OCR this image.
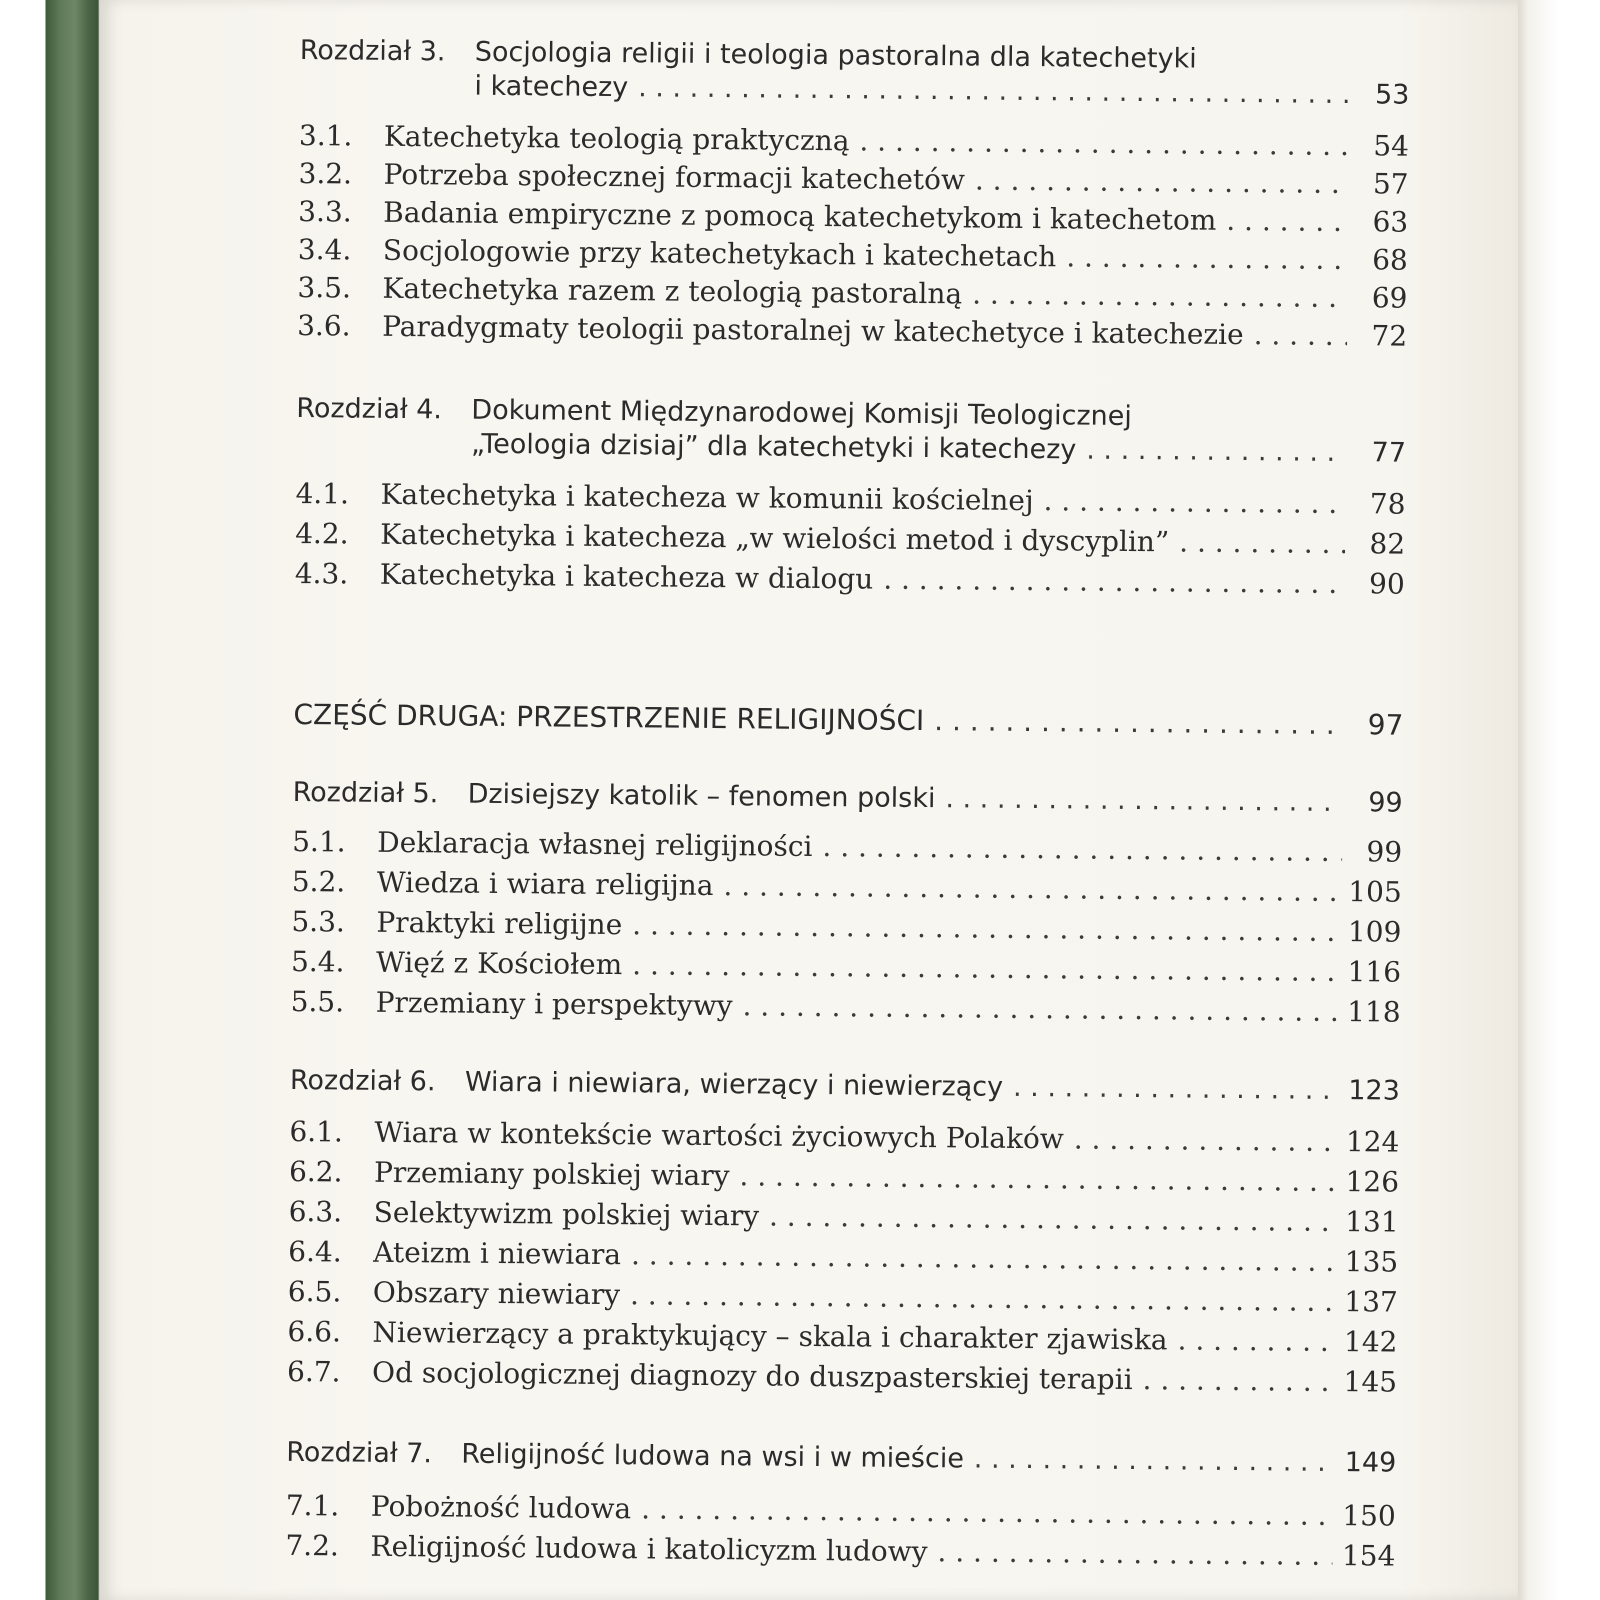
Rozdział 3.	Socjologia religii i teologia pastoralna dla katechetyki
i katechezy . . .	53
3.1.	Katechetyka teologią praktyczną . . .	54
3.2.	Potrzeba społecznej formacji katechetów . . .	57
3.3.	Badania empiryczne z pomocą katechetykom i katechetom . . .	63
3.4.	Socjologowie przy katechetykach i katechetach . . .	68
3.5.	Katechetyka razem z teologią pastoralną . . .	69
3.6.	Paradygmaty teologii pastoralnej w katechetyce i katechezie . . .	72
Rozdział 4.	Dokument Międzynarodowej Komisji Teologicznej
„Teologia dzisiaj” dla katechetyki i katechezy . . .	77
4.1.	Katechetyka i katecheza w komunii kościelnej . . .	78
4.2.	Katechetyka i katecheza „w wielości metod i dyscyplin” . . .	82
4.3.	Katechetyka i katecheza w dialogu . . .	90
CZĘŚĆ DRUGA: PRZESTRZENIE RELIGIJNOŚCI . . .	97
Rozdział 5.	Dzisiejszy katolik – fenomen polski . . .	99
5.1.	Deklaracja własnej religijności . . .	99
5.2.	Wiedza i wiara religijna . . .	105
5.3.	Praktyki religijne . . .	109
5.4.	Więź z Kościołem . . .	116
5.5.	Przemiany i perspektywy . . .	118
Rozdział 6.	Wiara i niewiara, wierzący i niewierzący . . .	123
6.1.	Wiara w kontekście wartości życiowych Polaków . . .	124
6.2.	Przemiany polskiej wiary . . .	126
6.3.	Selektywizm polskiej wiary . . .	131
6.4.	Ateizm i niewiara . . .	135
6.5.	Obszary niewiary . . .	137
6.6.	Niewierzący a praktykujący – skala i charakter zjawiska . . .	142
6.7.	Od socjologicznej diagnozy do duszpasterskiej terapii . . .	145
Rozdział 7.	Religijność ludowa na wsi i w mieście . . .	149
7.1.	Pobożność ludowa . . .	150
7.2.	Religijność ludowa i katolicyzm ludowy . . .	154
